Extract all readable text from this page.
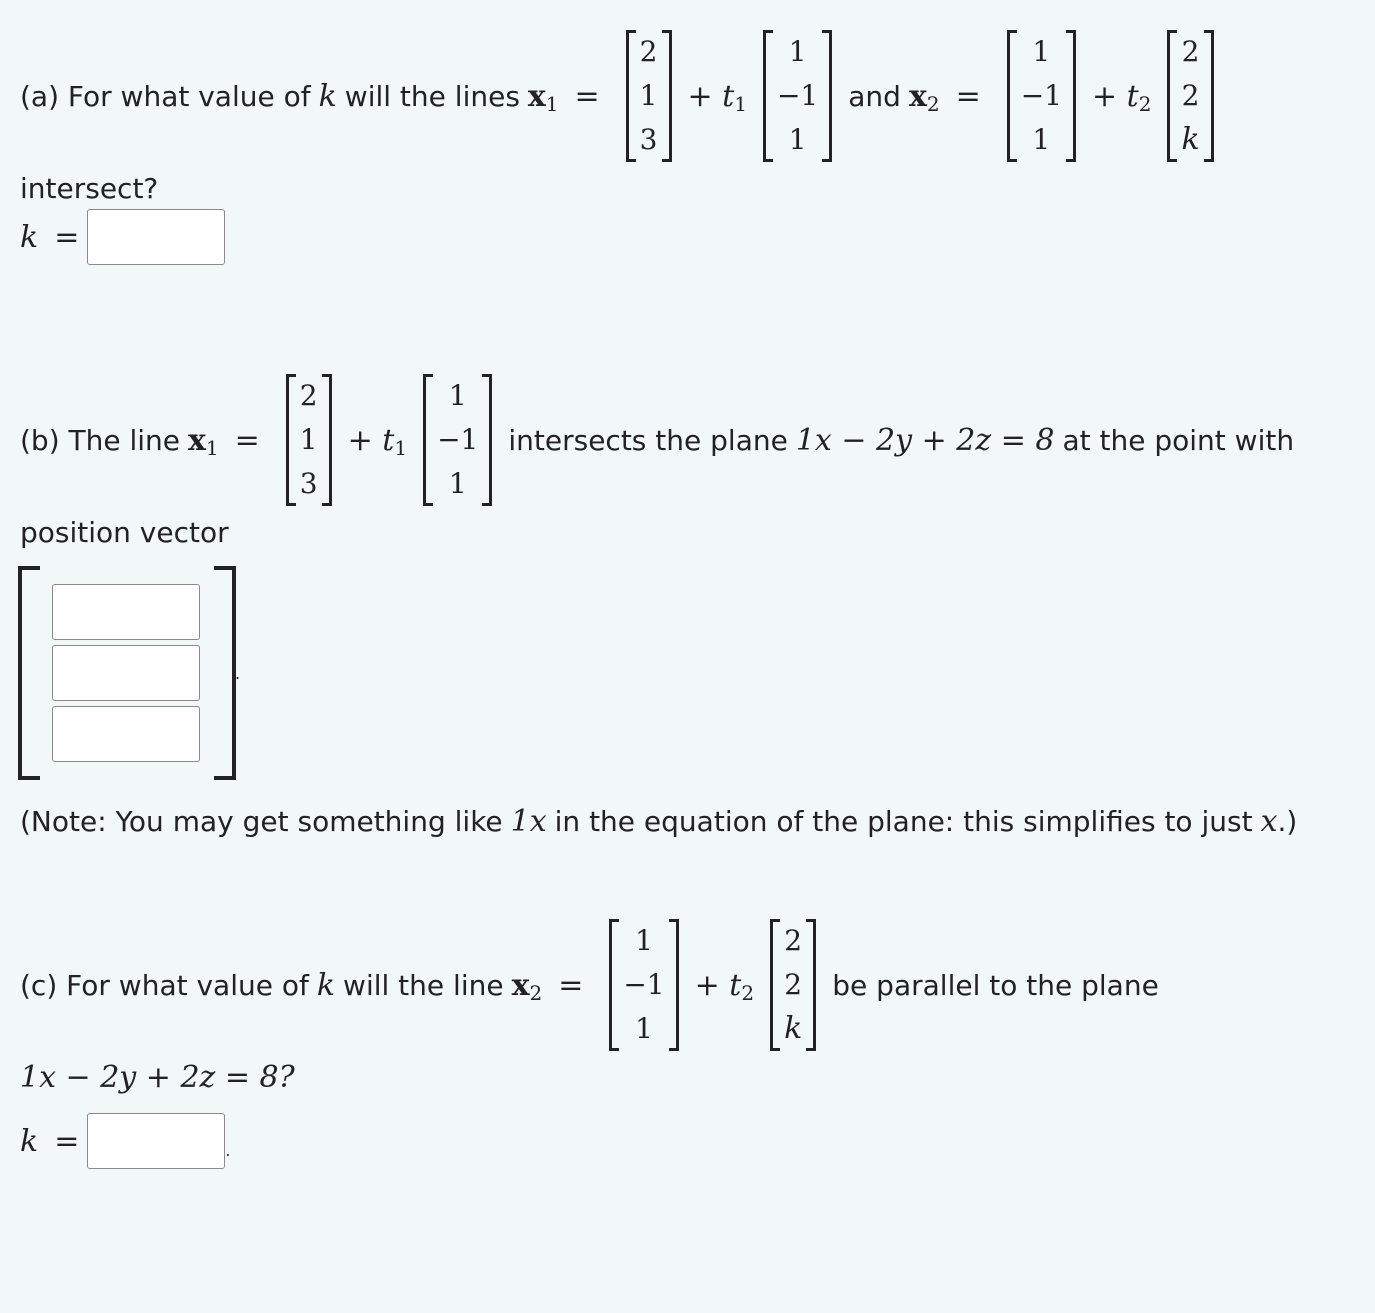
(a) For what value of k will the lines x 1 =
2
1
3
+ t 1
1
−1
1
and x 2 =
1
−1
1
+ t 2
2
2
k
intersect?
k =
(b) The line x 1 =
2
1
3
+ t 1
1
−1
1
intersects the plane 1x − 2y + 2z = 8 at the point with
position vector
.
(Note: You may get something like 1x in the equation of the plane: this simplifies to just x .)
(c) For what value of k will the line x 2 =
1
−1
1
+ t 2
2
2
k
be parallel to the plane
1x − 2y + 2z = 8?
k =	.
